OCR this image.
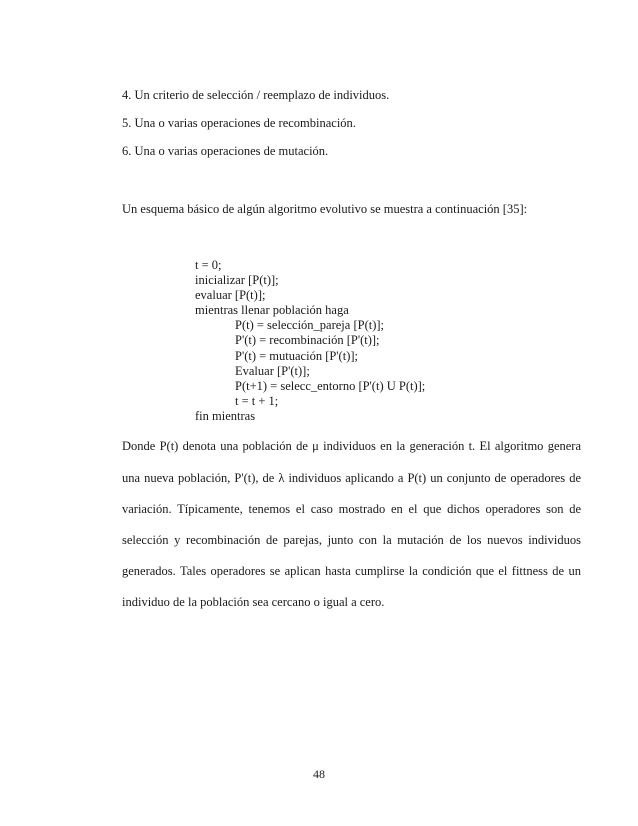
4. Un criterio de selección / reemplazo de individuos.
5. Una o varias operaciones de recombinación.
6. Una o varias operaciones de mutación.
Un esquema básico de algún algoritmo evolutivo se muestra a continuación [35]:
t = 0;
inicializar [P(t)];
evaluar [P(t)];
mientras llenar población haga
P(t) = selección_pareja [P(t)];
P'(t) = recombinación [P'(t)];
P'(t) = mutuación [P'(t)];
Evaluar [P'(t)];
P(t+1) = selecc_entorno [P'(t) U P(t)];
t = t + 1;
fin mientras
Donde P(t) denota una población de μ individuos en la generación t. El algoritmo genera
una nueva población, P'(t), de λ individuos aplicando a P(t) un conjunto de operadores de
variación. Típicamente, tenemos el caso mostrado en el que dichos operadores son de
selección y recombinación de parejas, junto con la mutación de los nuevos individuos
generados. Tales operadores se aplican hasta cumplirse la condición que el fittness de un
individuo de la población sea cercano o igual a cero.
48
